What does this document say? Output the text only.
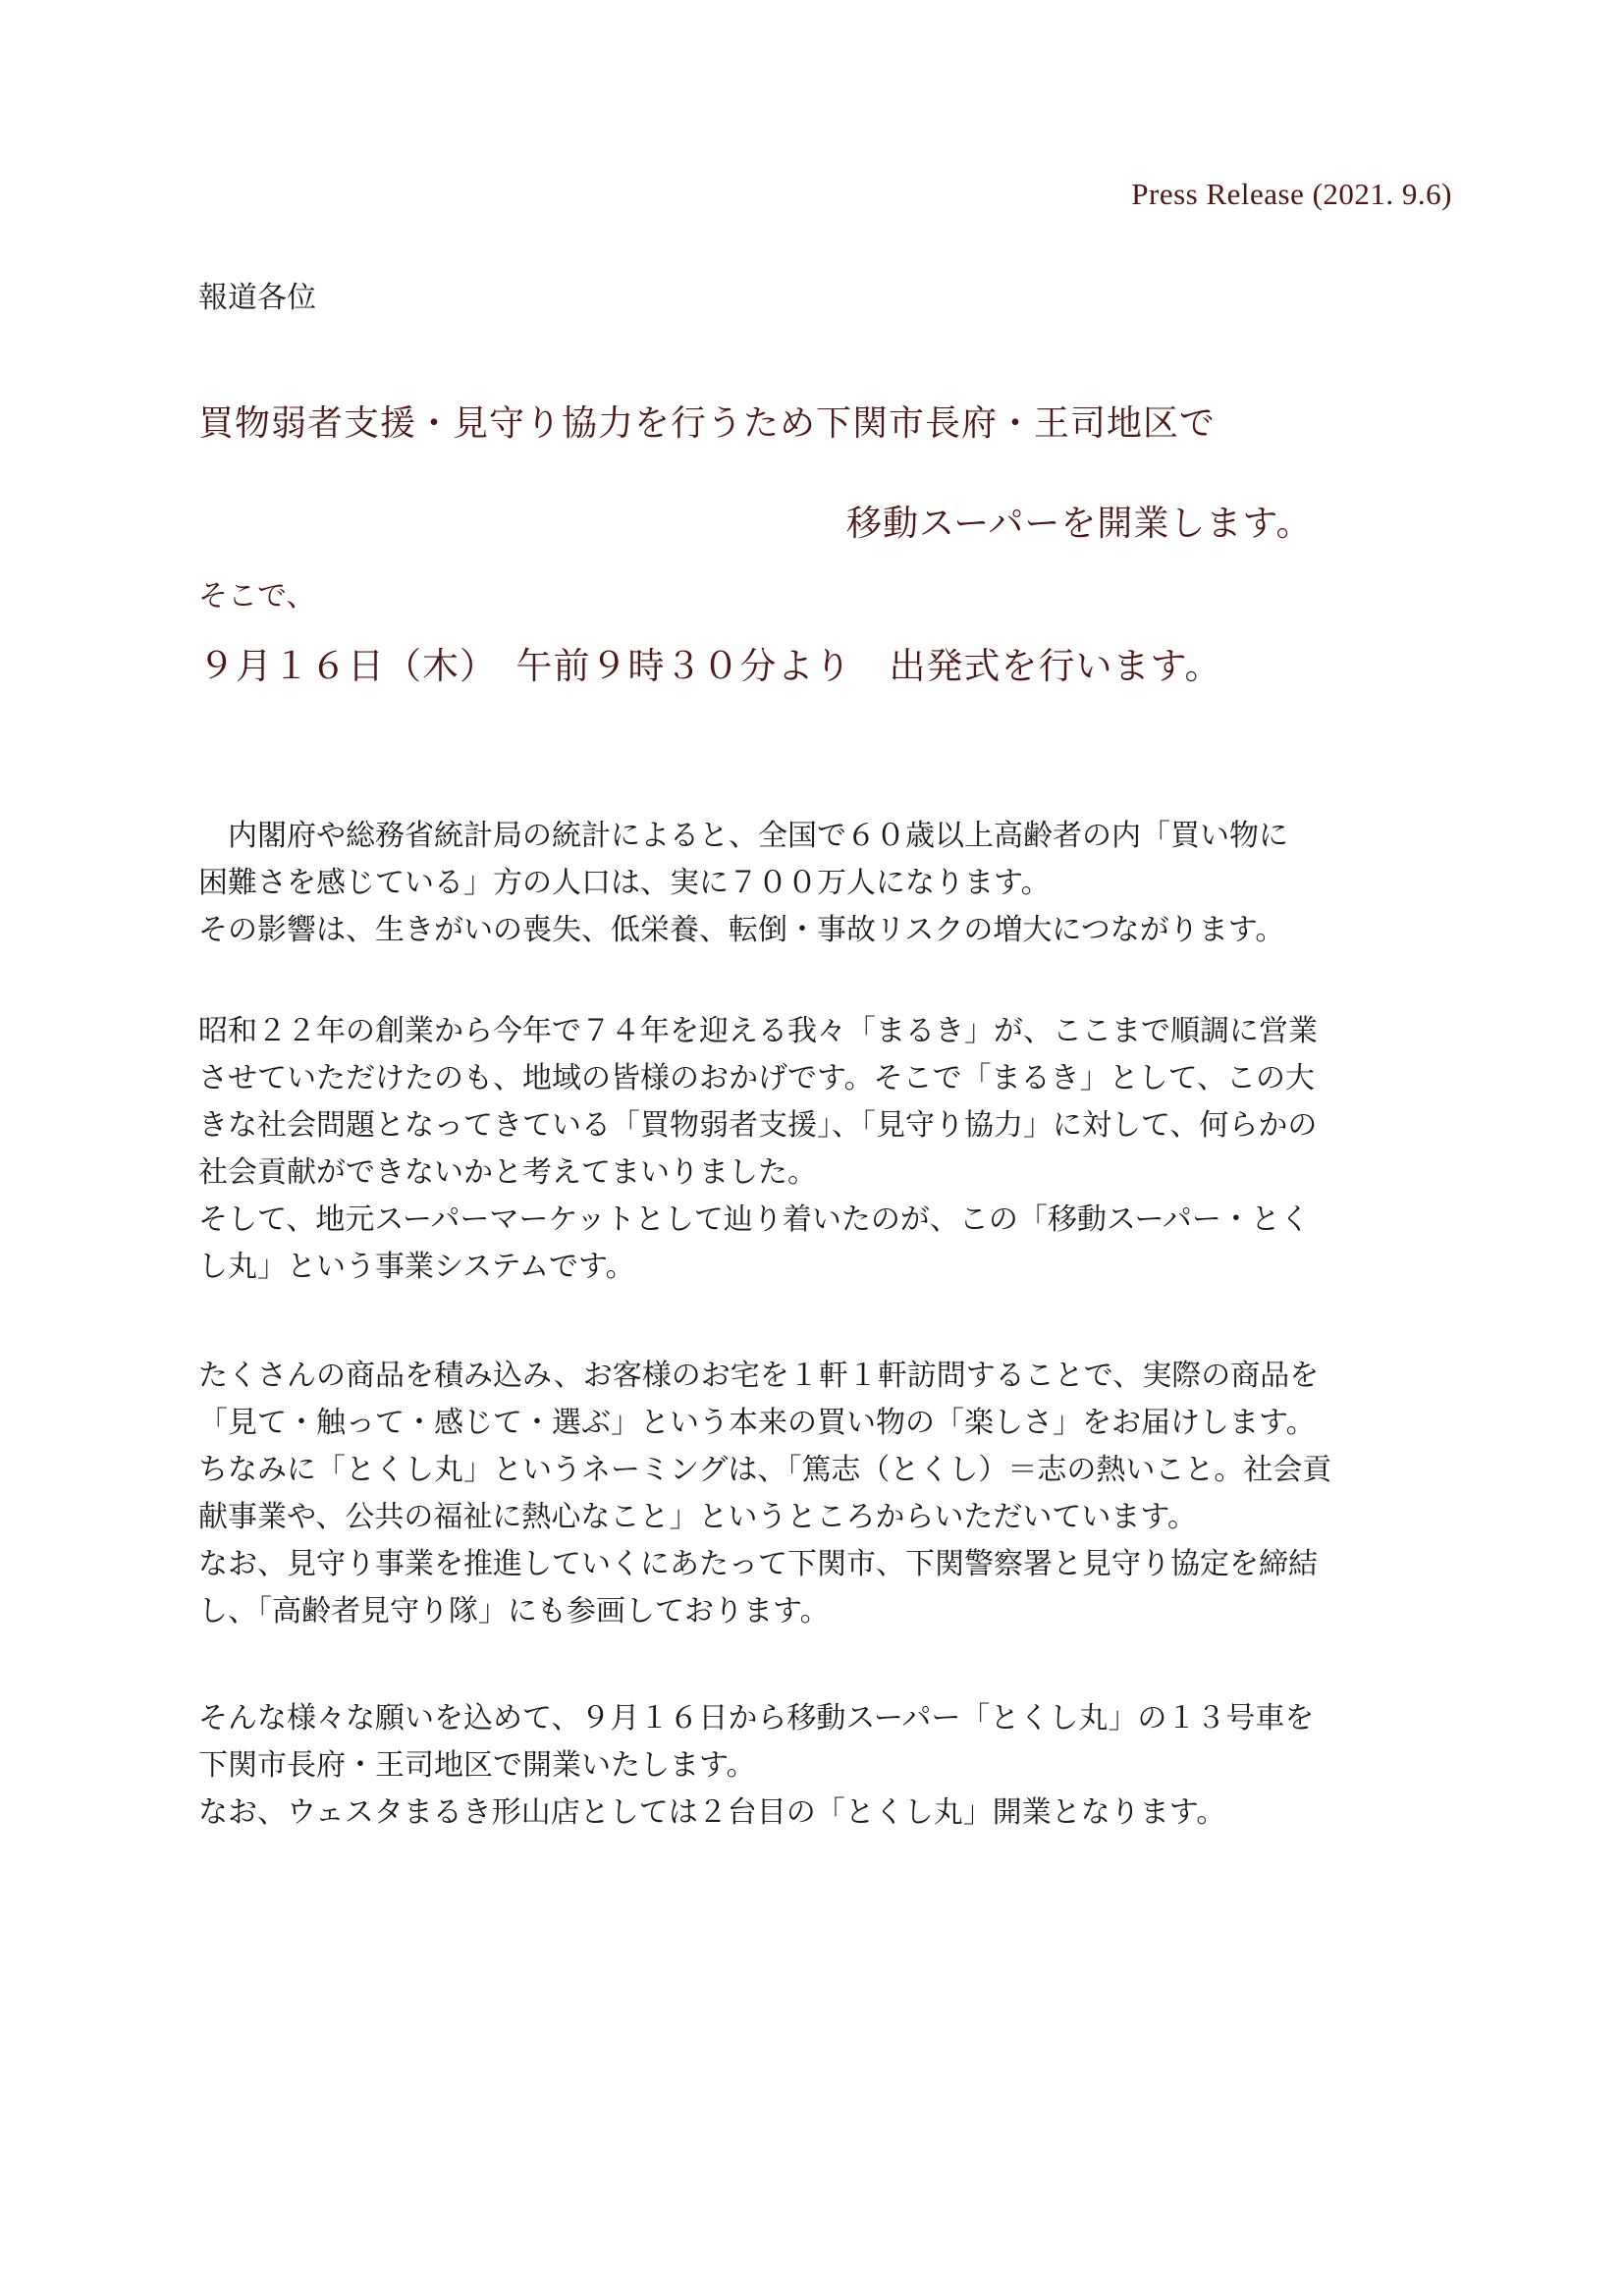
Press Release (2021. 9.6)
報道各位
買物弱者支援・見守り協力を行うため下関市長府・王司地区で
移動スーパーを開業します。
そこで、
９月１６日（木）　午前９時３０分より　出発式を行います。

　内閣府や総務省統計局の統計によると、全国で６０歳以上高齢者の内「買い物に

困難さを感じている」方の人口は、実に７００万人になります。

その影響は、生きがいの喪失、低栄養、転倒・事故リスクの増大につながります。

昭和２２年の創業から今年で７４年を迎える我々「まるき」が、ここまで順調に営業

させていただけたのも、地域の皆様のおかげです。そこで「まるき」として、この大

きな社会問題となってきている「買物弱者支援」、「見守り協力」に対して、何らかの

社会貢献ができないかと考えてまいりました。

そして、地元スーパーマーケットとして辿り着いたのが、この「移動スーパー・とく

し丸」という事業システムです。

たくさんの商品を積み込み、お客様のお宅を１軒１軒訪問することで、実際の商品を

「見て・触って・感じて・選ぶ」という本来の買い物の「楽しさ」をお届けします。

ちなみに「とくし丸」というネーミングは、「篤志（とくし）＝志の熱いこと。社会貢

献事業や、公共の福祉に熱心なこと」というところからいただいています。

なお、見守り事業を推進していくにあたって下関市、下関警察署と見守り協定を締結

し、「高齢者見守り隊」にも参画しております。

そんな様々な願いを込めて、９月１６日から移動スーパー「とくし丸」の１３号車を

下関市長府・王司地区で開業いたします。

なお、ウェスタまるき形山店としては２台目の「とくし丸」開業となります。
